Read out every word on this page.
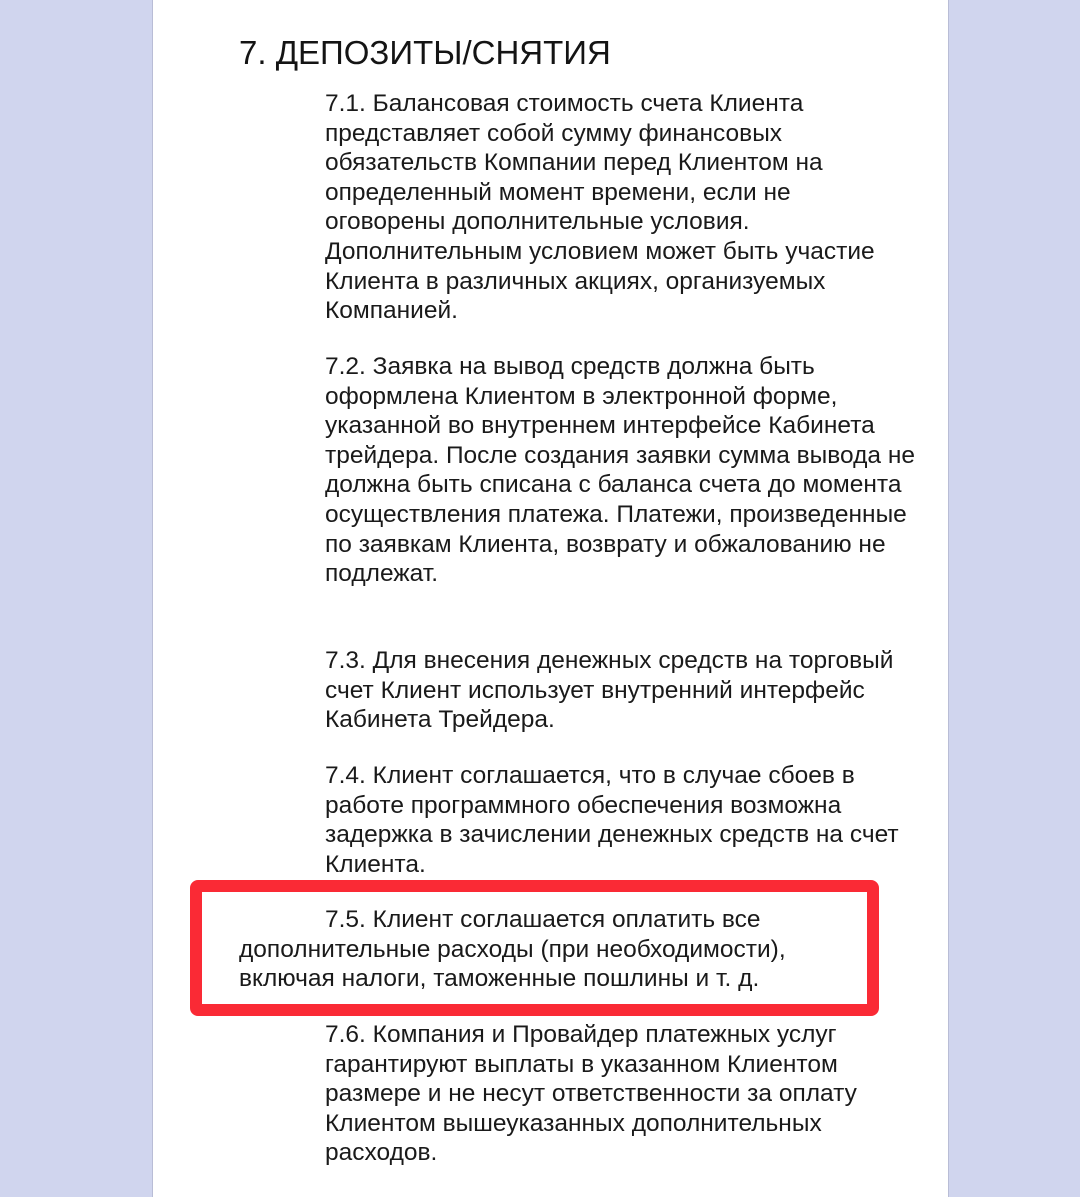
7. ДЕПОЗИТЫ/СНЯТИЯ

7.1. Балансовая стоимость счета Клиента представляет собой сумму финансовых обязательств Компании перед Клиентом на определенный момент времени, если не оговорены дополнительные условия. Дополнительным условием может быть участие Клиента в различных акциях, организуемых Компанией.

7.2. Заявка на вывод средств должна быть оформлена Клиентом в электронной форме, указанной во внутреннем интерфейсе Кабинета трейдера. После создания заявки сумма вывода не должна быть списана с баланса счета до момента осуществления платежа. Платежи, произведенные по заявкам Клиента, возврату и обжалованию не подлежат.

7.3. Для внесения денежных средств на торговый счет Клиент использует внутренний интерфейс Кабинета Трейдера.

7.4. Клиент соглашается, что в случае сбоев в работе программного обеспечения возможна задержка в зачислении денежных средств на счет Клиента.

7.5. Клиент соглашается оплатить все дополнительные расходы (при необходимости), включая налоги, таможенные пошлины и т. д.

7.6. Компания и Провайдер платежных услуг гарантируют выплаты в указанном Клиентом размере и не несут ответственности за оплату Клиентом вышеуказанных дополнительных расходов.
